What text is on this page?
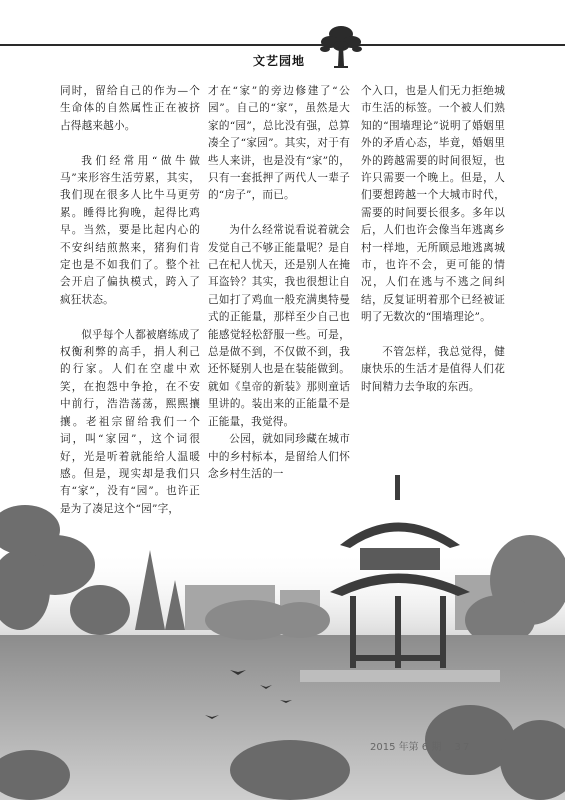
文艺园地

同时，留给自己的作为—个生命体的自然属性正在被挤占得越来越小。

我们经常用“做牛做马”来形容生活劳累，其实，我们现在很多人比牛马更劳累。睡得比狗晚，起得比鸡早。当然，要是比起内心的不安纠结煎熬来，猪狗们肯定也是不如我们了。整个社会开启了偏执模式，跨入了疯狂状态。

似乎每个人都被磨练成了权衡利弊的高手，捐人利己的行家。人们在空虚中欢笑，在抱怨中争抢，在不安中前行，浩浩荡荡，熙熙攘攘。老祖宗留给我们一个词，叫“家园”，这个词很好，光是听着就能给人温暖感。但是，现实却是我们只有“家”，没有“园”。也许正是为了凑足这个“园”字，

才在“家”的旁边修建了“公园”。自己的“家”，虽然是大家的“园”，总比没有强，总算凑全了“家园”。其实，对于有些人来讲，也是没有“家”的，只有一套抵押了两代人一辈子的“房子”，而已。

为什么经常说看说着就会发觉自己不够正能量呢？是自己在杞人忧天，还是别人在掩耳盗铃？其实，我也很想让自己如打了鸡血一般充满奥特曼式的正能量，那样至少自己也能感觉轻松舒服一些。可是，总是做不到，不仅做不到，我还怀疑别人也是在装能做到。就如《皇帝的新装》那则童话里讲的。装出来的正能量不是正能量，我觉得。

公园，就如同珍藏在城市中的乡村标本，是留给人们怀念乡村生活的一

个入口，也是人们无力拒绝城市生活的标签。一个被人们熟知的“围墙理论”说明了婚姻里外的矛盾心态，毕竟，婚姻里外的跨越需要的时间很短，也许只需要一个晚上。但是，人们要想跨越一个大城市时代，需要的时间要长很多。多年以后，人们也许会像当年逃离乡村一样地，无所顾忌地逃离城市，也许不会，更可能的情况，人们在逃与不逃之间纠结，反复证明着那个已经被证明了无数次的“围墙理论”。

不管怎样，我总觉得，健康快乐的生活才是值得人们花时间精力去争取的东西。

2015 年第 6 期 37
